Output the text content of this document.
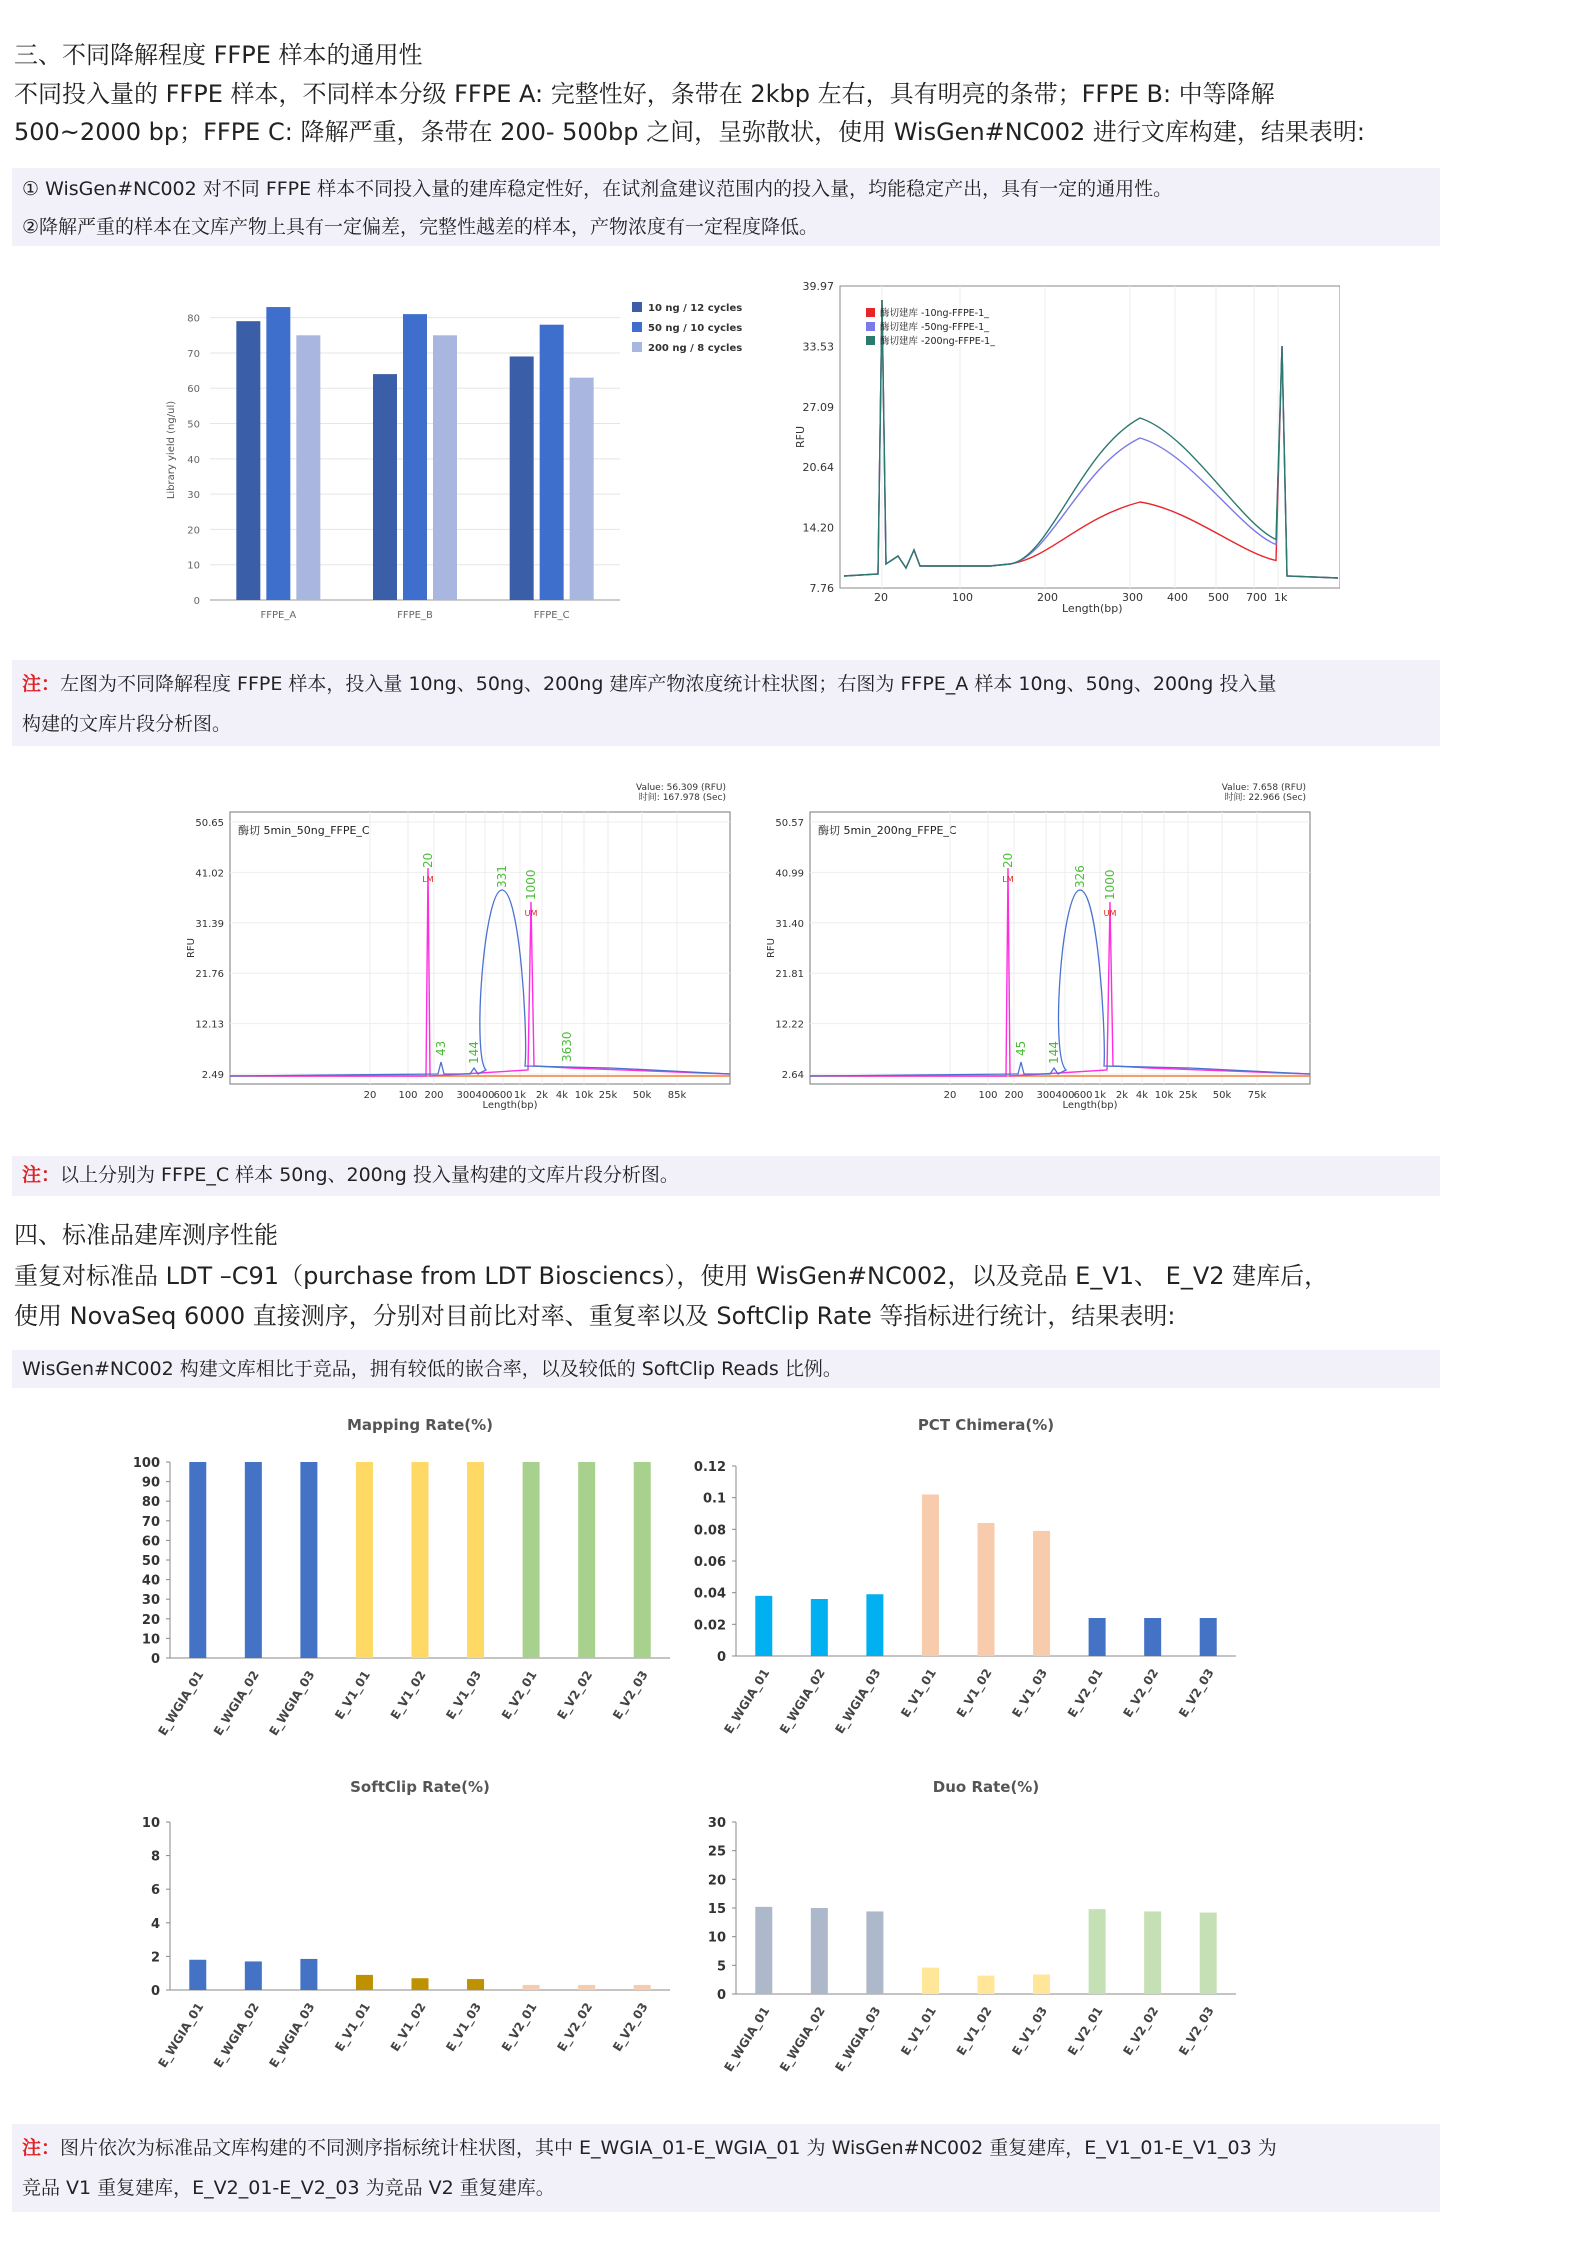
三、不同降解程度 FFPE 样本的通用性
不同投入量的 FFPE 样本，不同样本分级 FFPE A: 完整性好，条带在 2kbp 左右，具有明亮的条带；FFPE B: 中等降解
500~2000 bp；FFPE C: 降解严重，条带在 200- 500bp 之间，呈弥散状，使用 WisGen#NC002 进行文库构建，结果表明:
① WisGen#NC002 对不同 FFPE 样本不同投入量的建库稳定性好，在试剂盒建议范围内的投入量，均能稳定产出，具有一定的通用性。
②降解严重的样本在文库产物上具有一定偏差，完整性越差的样本，产物浓度有一定程度降低。
0
10
20
30
40
50
60
70
80
Library yield (ng/ul)
FFPE_A	FFPE_B	FFPE_C
10 ng / 12 cycles
50 ng / 10 cycles
200 ng / 8 cycles
7.76
14.20
20.64
27.09
33.53
39.97
20	100	200	300 400 500 700 1k
Length(bp)
RFU
酶切建库 -10ng-FFPE-1_
酶切建库 -50ng-FFPE-1_
酶切建库 -200ng-FFPE-1_
注：左图为不同降解程度 FFPE 样本，投入量 10ng、50ng、200ng 建库产物浓度统计柱状图；右图为 FFPE_A 样本 10ng、50ng、200ng 投入量
构建的文库片段分析图。
Value: 56.309 (RFU)
时间: 167.978 (Sec)
酶切 5min_50ng_FFPE_C
2.49
12.13
21.76
31.39
41.02
50.65
20 100 200 300 400
600 1k 2k 4k 10k 25k 50k 85k
Length(bp)
RFU
20
43 144
331 1000
3630
LM
UM
Value: 7.658 (RFU)
时间: 22.966 (Sec)
酶切 5min_200ng_FFPE_C
2.64
12.22
21.81
31.40
40.99
50.57
20 100 200 300 400
600 1k 2k 4k 10k 25k 50k 75k
Length(bp)
RFU
20
45 144
326 1000
LM
UM
注：以上分别为 FFPE_C 样本 50ng、200ng 投入量构建的文库片段分析图。
四、标准品建库测序性能
重复对标准品 LDT –C91（purchase from LDT Biosciencs），使用 WisGen#NC002，以及竞品 E_V1、 E_V2 建库后，
使用 NovaSeq 6000 直接测序，分别对目前比对率、重复率以及 SoftClip Rate 等指标进行统计，结果表明:
WisGen#NC002 构建文库相比于竞品，拥有较低的嵌合率，以及较低的 SoftClip Reads 比例。
Mapping Rate(%)
0
10
20
30
40
50
60
70
80
90
100
E_WGIA_01 E_WGIA_02 E_WGIA_03 E_V1_01 E_V1_02 E_V1_03 E_V2_01 E_V2_02 E_V2_03
PCT Chimera(%)
0
0.02
0.04
0.06
0.08
0.1
0.12
E_WGIA_01 E_WGIA_02 E_WGIA_03 E_V1_01 E_V1_02 E_V1_03 E_V2_01 E_V2_02 E_V2_03
SoftClip Rate(%)
0
2
4
6
8
10
E_WGIA_01 E_WGIA_02 E_WGIA_03 E_V1_01 E_V1_02 E_V1_03 E_V2_01 E_V2_02 E_V2_03
Duo Rate(%)
0
5
10
15
20
25
30
E_WGIA_01 E_WGIA_02 E_WGIA_03 E_V1_01 E_V1_02 E_V1_03 E_V2_01 E_V2_02 E_V2_03
注：图片依次为标准品文库构建的不同测序指标统计柱状图，其中 E_WGIA_01-E_WGIA_01 为 WisGen#NC002 重复建库，E_V1_01-E_V1_03 为
竞品 V1 重复建库，E_V2_01-E_V2_03 为竞品 V2 重复建库。
